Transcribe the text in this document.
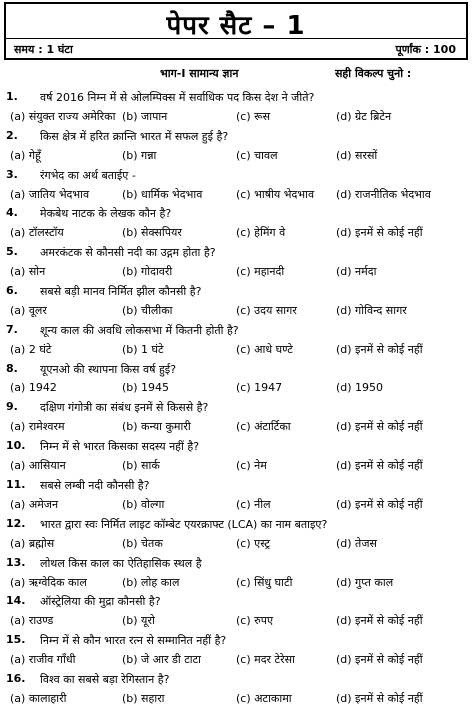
पेपर सैट – 1
समय : 1 घंटा	पूर्णांक : 100
भाग-I सामान्य ज्ञान	सही विकल्प चुनो :
1. वर्ष 2016 निम्न में से ओलम्पिक्स में सर्वाधिक पद किस देश ने जीते?
(a) संयुक्त राज्य अमेरिका (b) जापान	(c) रूस	(d) ग्रेट ब्रिटेन
2. किस क्षेत्र में हरित क्रान्ति भारत में सफल हुई है?
(a) गेहूँ	(b) गन्ना	(c) चावल	(d) सरसों
3. रंगभेद का अर्थ बताईए -
(a) जातिय भेदभाव	(b) धार्मिक भेदभाव	(c) भाषीय भेदभाव (d) राजनीतिक भेदभाव
4. मेकबेथ नाटक के लेखक कौन है?
(a) टॉलस्टॉय	(b) सेक्सपियर	(c) हेमिंग वे	(d) इनमें से कोई नहीं
5. अमरकंटक से कौनसी नदी का उद्गम होता है?
(a) सोन	(b) गोदावरी	(c) महानदी	(d) नर्मदा
6. सबसे बड़ी मानव निर्मित झील कौनसी है?
(a) वूलर	(b) चीलीका	(c) उदय सागर	(d) गोविन्द सागर
7. शून्य काल की अवधि लोकसभा में कितनी होती है?
(a) 2 घंटे	(b) 1 घंटे	(c) आधे घण्टे	(d) इनमें से कोई नहीं
8. यूएनओ की स्थापना किस वर्ष हुई?
(a) 1942	(b) 1945	(c) 1947	(d) 1950
9. दक्षिण गंगोत्री का संबंध इनमें से किससे है?
(a) रामेश्वरम	(b) कन्या कुमारी	(c) अंटार्टिका	(d) इनमें से कोई नहीं
10. निम्न में से भारत किसका सदस्य नहीं है?
(a) आसियान	(b) सार्क	(c) नेम	(d) इनमें से कोई नहीं
11. सबसे लम्बी नदी कौनसी है?
(a) अमेजन	(b) वोल्गा	(c) नील	(d) इनमें से कोई नहीं
12. भारत द्वारा स्वः निर्मित लाइट कॉम्बेट एयरक्राफ्ट (LCA) का नाम बताइए?
(a) ब्रह्मोस	(b) चेतक	(c) एस्ट्र	(d) तेजस
13. लोथल किस काल का ऐतिहासिक स्थल है
(a) ऋग्वेदिक काल	(b) लोह काल	(c) सिंधु घाटी	(d) गुप्त काल
14. ऑस्ट्रेलिया की मुद्रा कौनसी है?
(a) राउण्ड	(b) यूरो	(c) रुपए	(d) इनमें से कोई नहीं
15. निम्न में से कौन भारत रत्न से सम्मानित नहीं है?
(a) राजीव गाँधी	(b) जे आर डी टाटा	(c) मदर टेरेसा	(d) इनमें से कोई नहीं
16. विश्व का सबसे बड़ा रेगिस्तान है?
(a) कालाहारी	(b) सहारा	(c) अटाकामा	(d) इनमें से कोई नहीं
